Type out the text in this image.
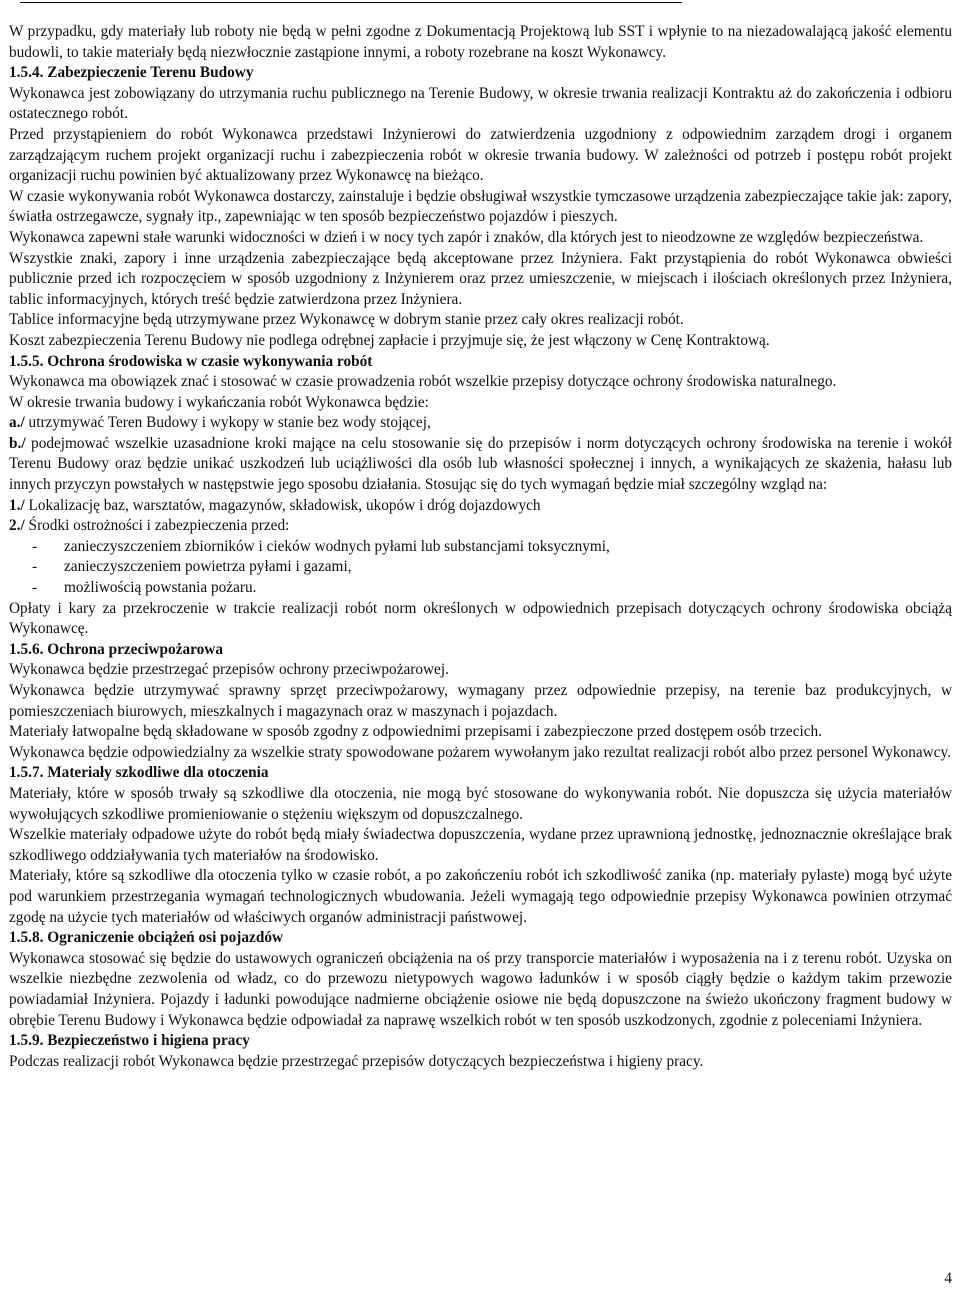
W przypadku, gdy materiały lub roboty nie będą w pełni zgodne z Dokumentacją Projektową lub SST i wpłynie to na niezadowalającą jakość elementu budowli, to takie materiały będą niezwłocznie zastąpione innymi, a roboty rozebrane na koszt Wykonawcy.

1.5.4. Zabezpieczenie Terenu Budowy

Wykonawca jest zobowiązany do utrzymania ruchu publicznego na Terenie Budowy, w okresie trwania realizacji Kontraktu aż do zakończenia i odbioru ostatecznego robót.

Przed przystąpieniem do robót Wykonawca przedstawi Inżynierowi do zatwierdzenia uzgodniony z odpowiednim zarządem drogi i organem zarządzającym ruchem projekt organizacji ruchu i zabezpieczenia robót w okresie trwania budowy. W zależności od potrzeb i postępu robót projekt organizacji ruchu powinien być aktualizowany przez Wykonawcę na bieżąco.

W czasie wykonywania robót Wykonawca dostarczy, zainstaluje i będzie obsługiwał wszystkie tymczasowe urządzenia zabezpieczające takie jak: zapory, światła ostrzegawcze, sygnały itp., zapewniając w ten sposób bezpieczeństwo pojazdów i pieszych.

Wykonawca zapewni stałe warunki widoczności w dzień i w nocy tych zapór i znaków, dla których jest to nieodzowne ze względów bezpieczeństwa.

Wszystkie znaki, zapory i inne urządzenia zabezpieczające będą akceptowane przez Inżyniera. Fakt przystąpienia do robót Wykonawca obwieści publicznie przed ich rozpoczęciem w sposób uzgodniony z Inżynierem oraz przez umieszczenie, w miejscach i ilościach określonych przez Inżyniera, tablic informacyjnych, których treść będzie zatwierdzona przez Inżyniera.

Tablice informacyjne będą utrzymywane przez Wykonawcę w dobrym stanie przez cały okres realizacji robót.

Koszt zabezpieczenia Terenu Budowy nie podlega odrębnej zapłacie i przyjmuje się, że jest włączony w Cenę Kontraktową.

1.5.5. Ochrona środowiska w czasie wykonywania robót

Wykonawca ma obowiązek znać i stosować w czasie prowadzenia robót wszelkie przepisy dotyczące ochrony środowiska naturalnego.

W okresie trwania budowy i wykańczania robót Wykonawca będzie:

a./ utrzymywać Teren Budowy i wykopy w stanie bez wody stojącej,

b./ podejmować wszelkie uzasadnione kroki mające na celu stosowanie się do przepisów i norm dotyczących ochrony środowiska na terenie i wokół Terenu Budowy oraz będzie unikać uszkodzeń lub uciążliwości dla osób lub własności społecznej i innych, a wynikających ze skażenia, hałasu lub innych przyczyn powstałych w następstwie jego sposobu działania. Stosując się do tych wymagań będzie miał szczególny wzgląd na:

1./ Lokalizację baz, warsztatów, magazynów, składowisk, ukopów i dróg dojazdowych

2./ Środki ostrożności i zabezpieczenia przed:

-	zanieczyszczeniem zbiorników i cieków wodnych pyłami lub substancjami toksycznymi,
-	zanieczyszczeniem powietrza pyłami i gazami,
-	możliwością powstania pożaru.

Opłaty i kary za przekroczenie w trakcie realizacji robót norm określonych w odpowiednich przepisach dotyczących ochrony środowiska obciążą Wykonawcę.

1.5.6. Ochrona przeciwpożarowa

Wykonawca będzie przestrzegać przepisów ochrony przeciwpożarowej.

Wykonawca będzie utrzymywać sprawny sprzęt przeciwpożarowy, wymagany przez odpowiednie przepisy, na terenie baz produkcyjnych, w pomieszczeniach biurowych, mieszkalnych i magazynach oraz w maszynach i pojazdach.

Materiały łatwopalne będą składowane w sposób zgodny z odpowiednimi przepisami i zabezpieczone przed dostępem osób trzecich.

Wykonawca będzie odpowiedzialny za wszelkie straty spowodowane pożarem wywołanym jako rezultat realizacji robót albo przez personel Wykonawcy.

1.5.7. Materiały szkodliwe dla otoczenia

Materiały, które w sposób trwały są szkodliwe dla otoczenia, nie mogą być stosowane do wykonywania robót. Nie dopuszcza się użycia materiałów wywołujących szkodliwe promieniowanie o stężeniu większym od dopuszczalnego.

Wszelkie materiały odpadowe użyte do robót będą miały świadectwa dopuszczenia, wydane przez uprawnioną jednostkę, jednoznacznie określające brak szkodliwego oddziaływania tych materiałów na środowisko.

Materiały, które są szkodliwe dla otoczenia tylko w czasie robót, a po zakończeniu robót ich szkodliwość zanika (np. materiały pylaste) mogą być użyte pod warunkiem przestrzegania wymagań technologicznych wbudowania. Jeżeli wymagają tego odpowiednie przepisy Wykonawca powinien otrzymać zgodę na użycie tych materiałów od właściwych organów administracji państwowej.

1.5.8. Ograniczenie obciążeń osi pojazdów

Wykonawca stosować się będzie do ustawowych ograniczeń obciążenia na oś przy transporcie materiałów i wyposażenia na i z terenu robót. Uzyska on wszelkie niezbędne zezwolenia od władz, co do przewozu nietypowych wagowo ładunków i w sposób ciągły będzie o każdym takim przewozie powiadamiał Inżyniera. Pojazdy i ładunki powodujące nadmierne obciążenie osiowe nie będą dopuszczone na świeżo ukończony fragment budowy w obrębie Terenu Budowy i Wykonawca będzie odpowiadał za naprawę wszelkich robót w ten sposób uszkodzonych, zgodnie z poleceniami Inżyniera.

1.5.9. Bezpieczeństwo i higiena pracy

Podczas realizacji robót Wykonawca będzie przestrzegać przepisów dotyczących bezpieczeństwa i higieny pracy.

4
